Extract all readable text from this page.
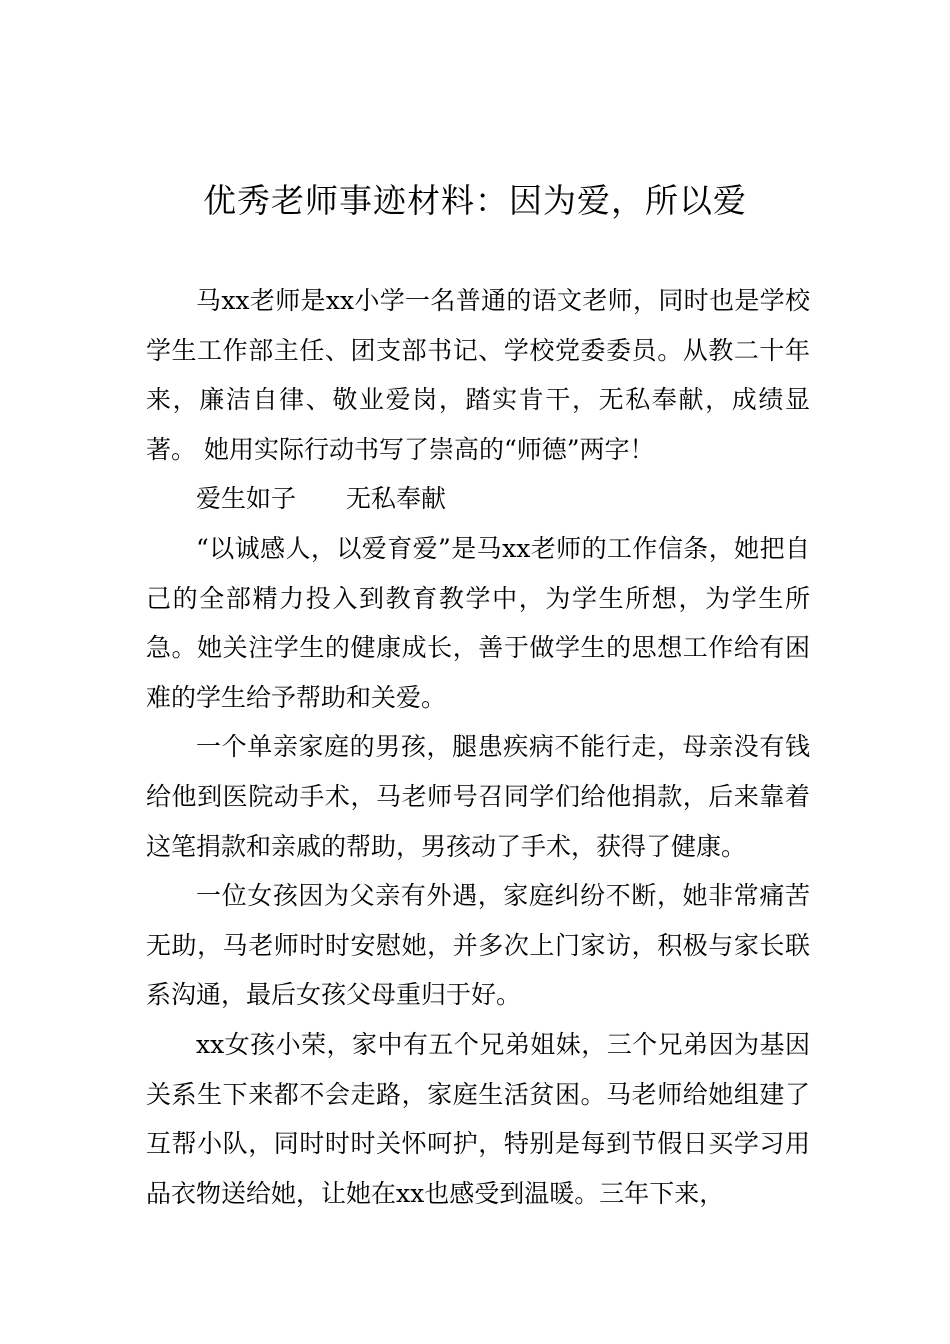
优秀老师事迹材料：因为爱，所以爱

马xx老师是xx小学一名普通的语文老师，同时也是学校学生工作部主任、团支部书记、学校党委委员。从教二十年来，廉洁自律、敬业爱岗，踏实肯干，无私奉献，成绩显著。 她用实际行动书写了崇高的“师德”两字！

爱生如子　　无私奉献

“以诚感人，以爱育爱”是马xx老师的工作信条，她把自己的全部精力投入到教育教学中，为学生所想，为学生所急。她关注学生的健康成长，善于做学生的思想工作给有困难的学生给予帮助和关爱。

一个单亲家庭的男孩，腿患疾病不能行走，母亲没有钱给他到医院动手术，马老师号召同学们给他捐款，后来靠着这笔捐款和亲戚的帮助，男孩动了手术，获得了健康。

一位女孩因为父亲有外遇，家庭纠纷不断，她非常痛苦无助，马老师时时安慰她，并多次上门家访，积极与家长联系沟通，最后女孩父母重归于好。

xx女孩小荣，家中有五个兄弟姐妹，三个兄弟因为基因关系生下来都不会走路，家庭生活贫困。马老师给她组建了互帮小队，同时时时关怀呵护，特别是每到节假日买学习用品衣物送给她，让她在xx也感受到温暖。三年下来，
